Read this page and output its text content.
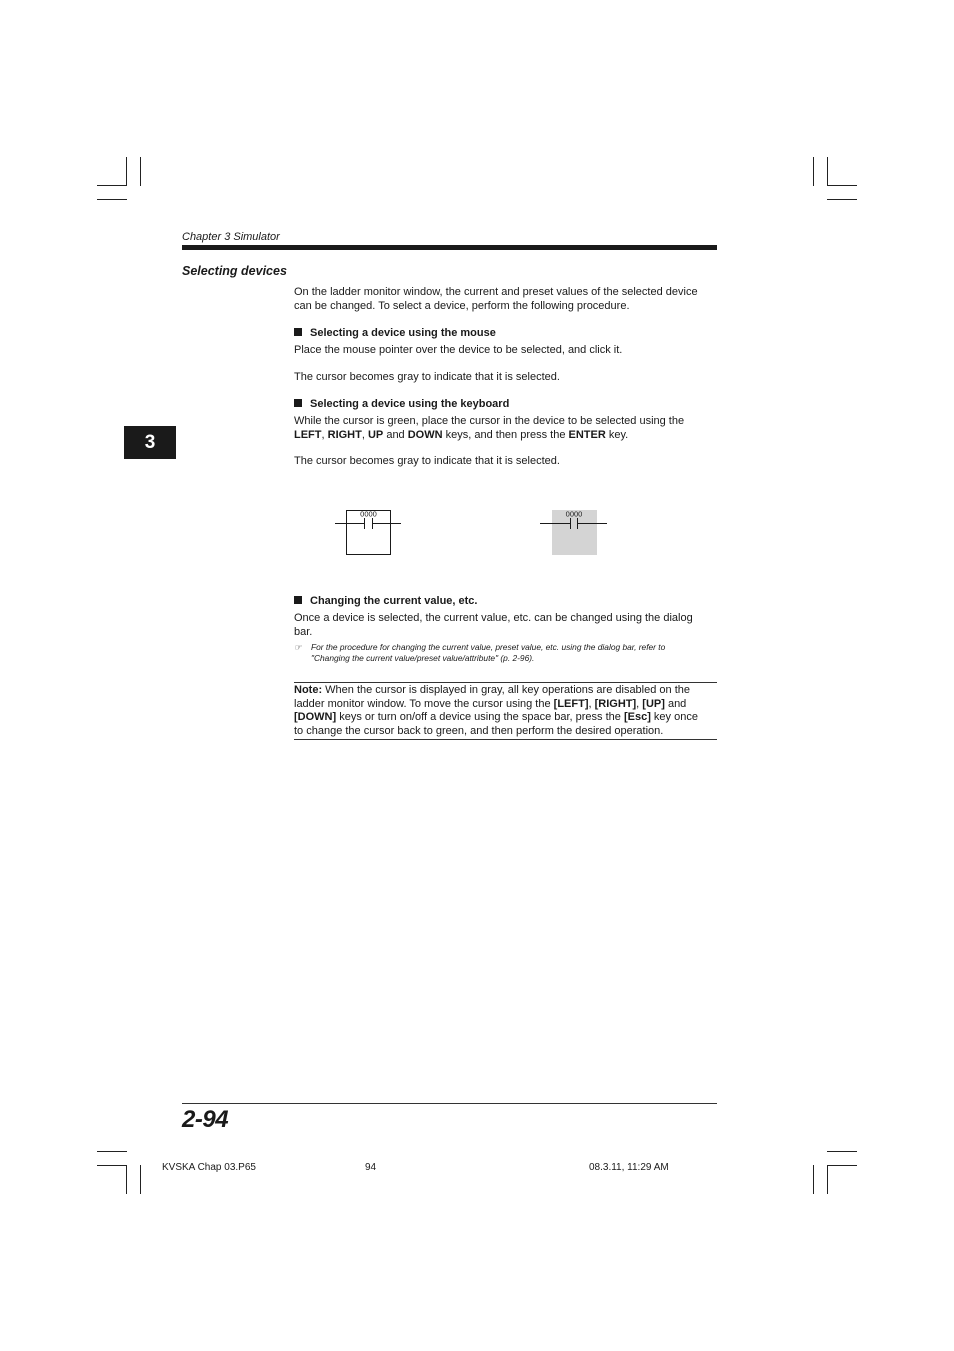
Chapter 3 Simulator
Selecting devices
3
On the ladder monitor window, the current and preset values of the selected device
can be changed. To select a device, perform the following procedure.
Selecting a device using the mouse
Place the mouse pointer over the device to be selected, and click it.
The cursor becomes gray to indicate that it is selected.
Selecting a device using the keyboard
While the cursor is green, place the cursor in the device to be selected using the
LEFT, RIGHT, UP and DOWN keys, and then press the ENTER key.
The cursor becomes gray to indicate that it is selected.
0000	0000
Changing the current value, etc.
Once a device is selected, the current value, etc. can be changed using the dialog
bar.
☞ For the procedure for changing the current value, preset value, etc. using the dialog bar, refer to
"Changing the current value/preset value/attribute" (p. 2-96).
Note: When the cursor is displayed in gray, all key operations are disabled on the
ladder monitor window. To move the cursor using the [LEFT], [RIGHT], [UP] and
[DOWN] keys or turn on/off a device using the space bar, press the [Esc] key once
to change the cursor back to green, and then perform the desired operation.
2-94
KVSKA Chap 03.P65	94	08.3.11, 11:29 AM
